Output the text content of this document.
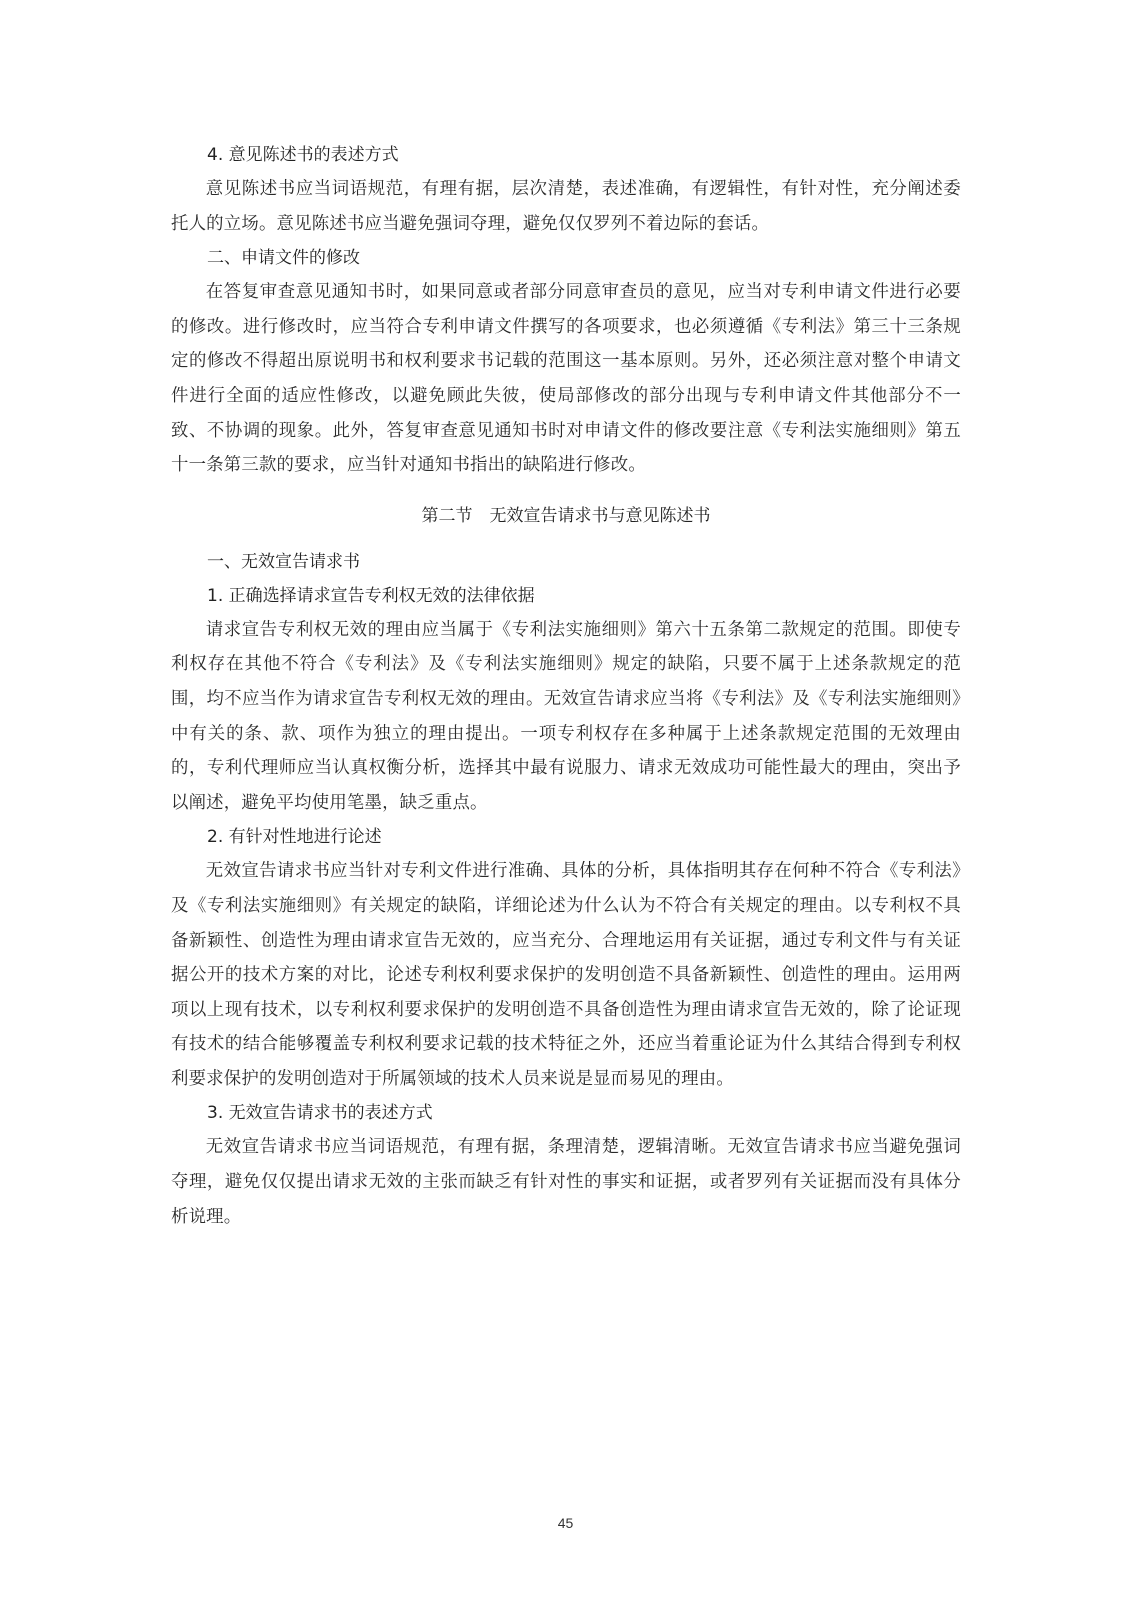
4. 意见陈述书的表述方式

意见陈述书应当词语规范，有理有据，层次清楚，表述准确，有逻辑性，有针对性，充分阐述委托人的立场。意见陈述书应当避免强词夺理，避免仅仅罗列不着边际的套话。

二、申请文件的修改

在答复审查意见通知书时，如果同意或者部分同意审查员的意见，应当对专利申请文件进行必要的修改。进行修改时，应当符合专利申请文件撰写的各项要求，也必须遵循《专利法》第三十三条规定的修改不得超出原说明书和权利要求书记载的范围这一基本原则。另外，还必须注意对整个申请文件进行全面的适应性修改，以避免顾此失彼，使局部修改的部分出现与专利申请文件其他部分不一致、不协调的现象。此外，答复审查意见通知书时对申请文件的修改要注意《专利法实施细则》第五十一条第三款的要求，应当针对通知书指出的缺陷进行修改。

第二节　无效宣告请求书与意见陈述书

一、无效宣告请求书

1. 正确选择请求宣告专利权无效的法律依据

请求宣告专利权无效的理由应当属于《专利法实施细则》第六十五条第二款规定的范围。即使专利权存在其他不符合《专利法》及《专利法实施细则》规定的缺陷，只要不属于上述条款规定的范围，均不应当作为请求宣告专利权无效的理由。无效宣告请求应当将《专利法》及《专利法实施细则》中有关的条、款、项作为独立的理由提出。一项专利权存在多种属于上述条款规定范围的无效理由的，专利代理师应当认真权衡分析，选择其中最有说服力、请求无效成功可能性最大的理由，突出予以阐述，避免平均使用笔墨，缺乏重点。

2. 有针对性地进行论述

无效宣告请求书应当针对专利文件进行准确、具体的分析，具体指明其存在何种不符合《专利法》及《专利法实施细则》有关规定的缺陷，详细论述为什么认为不符合有关规定的理由。以专利权不具备新颖性、创造性为理由请求宣告无效的，应当充分、合理地运用有关证据，通过专利文件与有关证据公开的技术方案的对比，论述专利权利要求保护的发明创造不具备新颖性、创造性的理由。运用两项以上现有技术，以专利权利要求保护的发明创造不具备创造性为理由请求宣告无效的，除了论证现有技术的结合能够覆盖专利权利要求记载的技术特征之外，还应当着重论证为什么其结合得到专利权利要求保护的发明创造对于所属领域的技术人员来说是显而易见的理由。

3. 无效宣告请求书的表述方式

无效宣告请求书应当词语规范，有理有据，条理清楚，逻辑清晰。无效宣告请求书应当避免强词夺理，避免仅仅提出请求无效的主张而缺乏有针对性的事实和证据，或者罗列有关证据而没有具体分析说理。

45
